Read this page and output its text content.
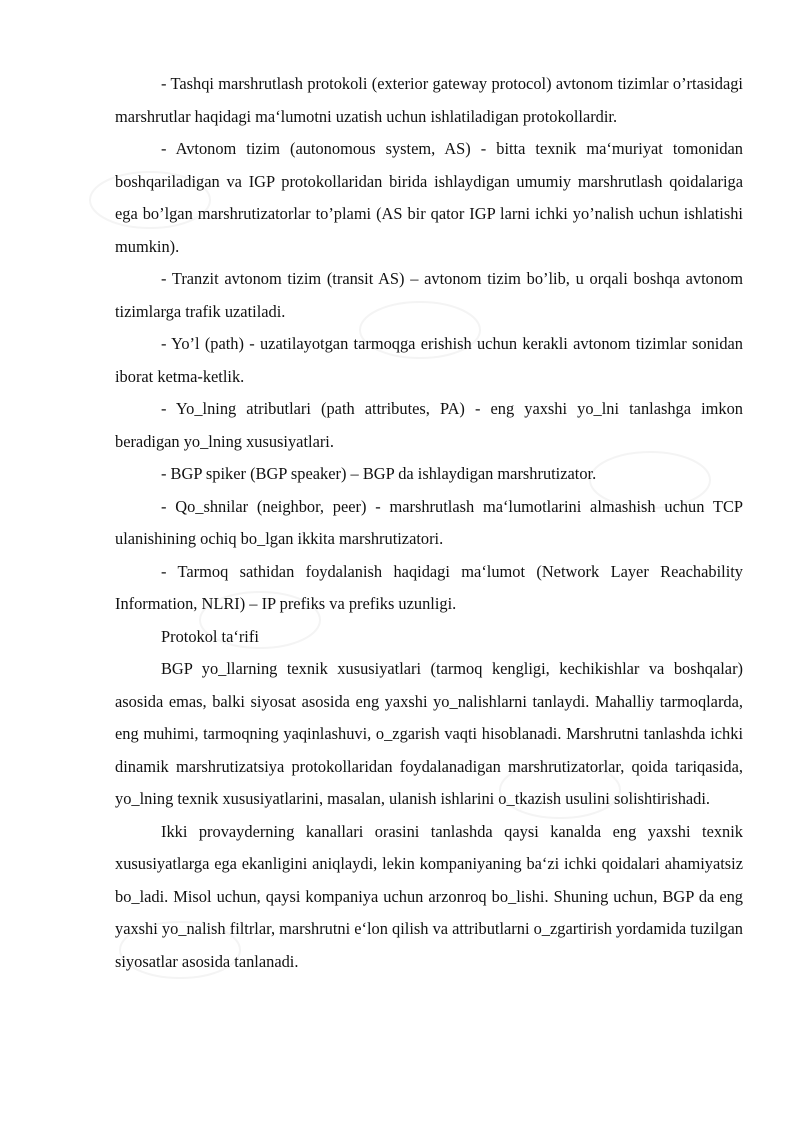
- Tashqi marshrutlash protokoli (exterior gateway protocol) avtonom tizimlar o’rtasidagi marshrutlar haqidagi ma‘lumotni uzatish uchun ishlatiladigan protokollardir.

- Avtonom tizim (autonomous system, AS) - bitta texnik ma‘muriyat tomonidan boshqariladigan va IGP protokollaridan birida ishlaydigan umumiy marshrutlash qoidalariga ega bo’lgan marshrutizatorlar to’plami (AS bir qator IGP larni ichki yo’nalish uchun ishlatishi mumkin).

- Tranzit avtonom tizim (transit AS) – avtonom tizim bo’lib, u orqali boshqa avtonom tizimlarga trafik uzatiladi.

- Yo’l (path) - uzatilayotgan tarmoqga erishish uchun kerakli avtonom tizimlar sonidan iborat ketma-ketlik.

- Yo_lning atributlari (path attributes, PA) - eng yaxshi yo_lni tanlashga imkon beradigan yo_lning xususiyatlari.

- BGP spiker (BGP speaker) – BGP da ishlaydigan marshrutizator.

- Qo_shnilar (neighbor, peer) - marshrutlash ma‘lumotlarini almashish uchun TCP ulanishining ochiq bo_lgan ikkita marshrutizatori.

- Tarmoq sathidan foydalanish haqidagi ma‘lumot (Network Layer Reachability Information, NLRI) – IP prefiks va prefiks uzunligi.

Protokol ta‘rifi

BGP yo_llarning texnik xususiyatlari (tarmoq kengligi, kechikishlar va boshqalar) asosida emas, balki siyosat asosida eng yaxshi yo_nalishlarni tanlaydi. Mahalliy tarmoqlarda, eng muhimi, tarmoqning yaqinlashuvi, o_zgarish vaqti hisoblanadi. Marshrutni tanlashda ichki dinamik marshrutizatsiya protokollaridan foydalanadigan marshrutizatorlar, qoida tariqasida, yo_lning texnik xususiyatlarini, masalan, ulanish ishlarini o_tkazish usulini solishtirishadi.

Ikki provayderning kanallari orasini tanlashda qaysi kanalda eng yaxshi texnik xususiyatlarga ega ekanligini aniqlaydi, lekin kompaniyaning ba‘zi ichki qoidalari ahamiyatsiz bo_ladi. Misol uchun, qaysi kompaniya uchun arzonroq bo_lishi. Shuning uchun, BGP da eng yaxshi yo_nalish filtrlar, marshrutni e‘lon qilish va attributlarni o_zgartirish yordamida tuzilgan siyosatlar asosida tanlanadi.
